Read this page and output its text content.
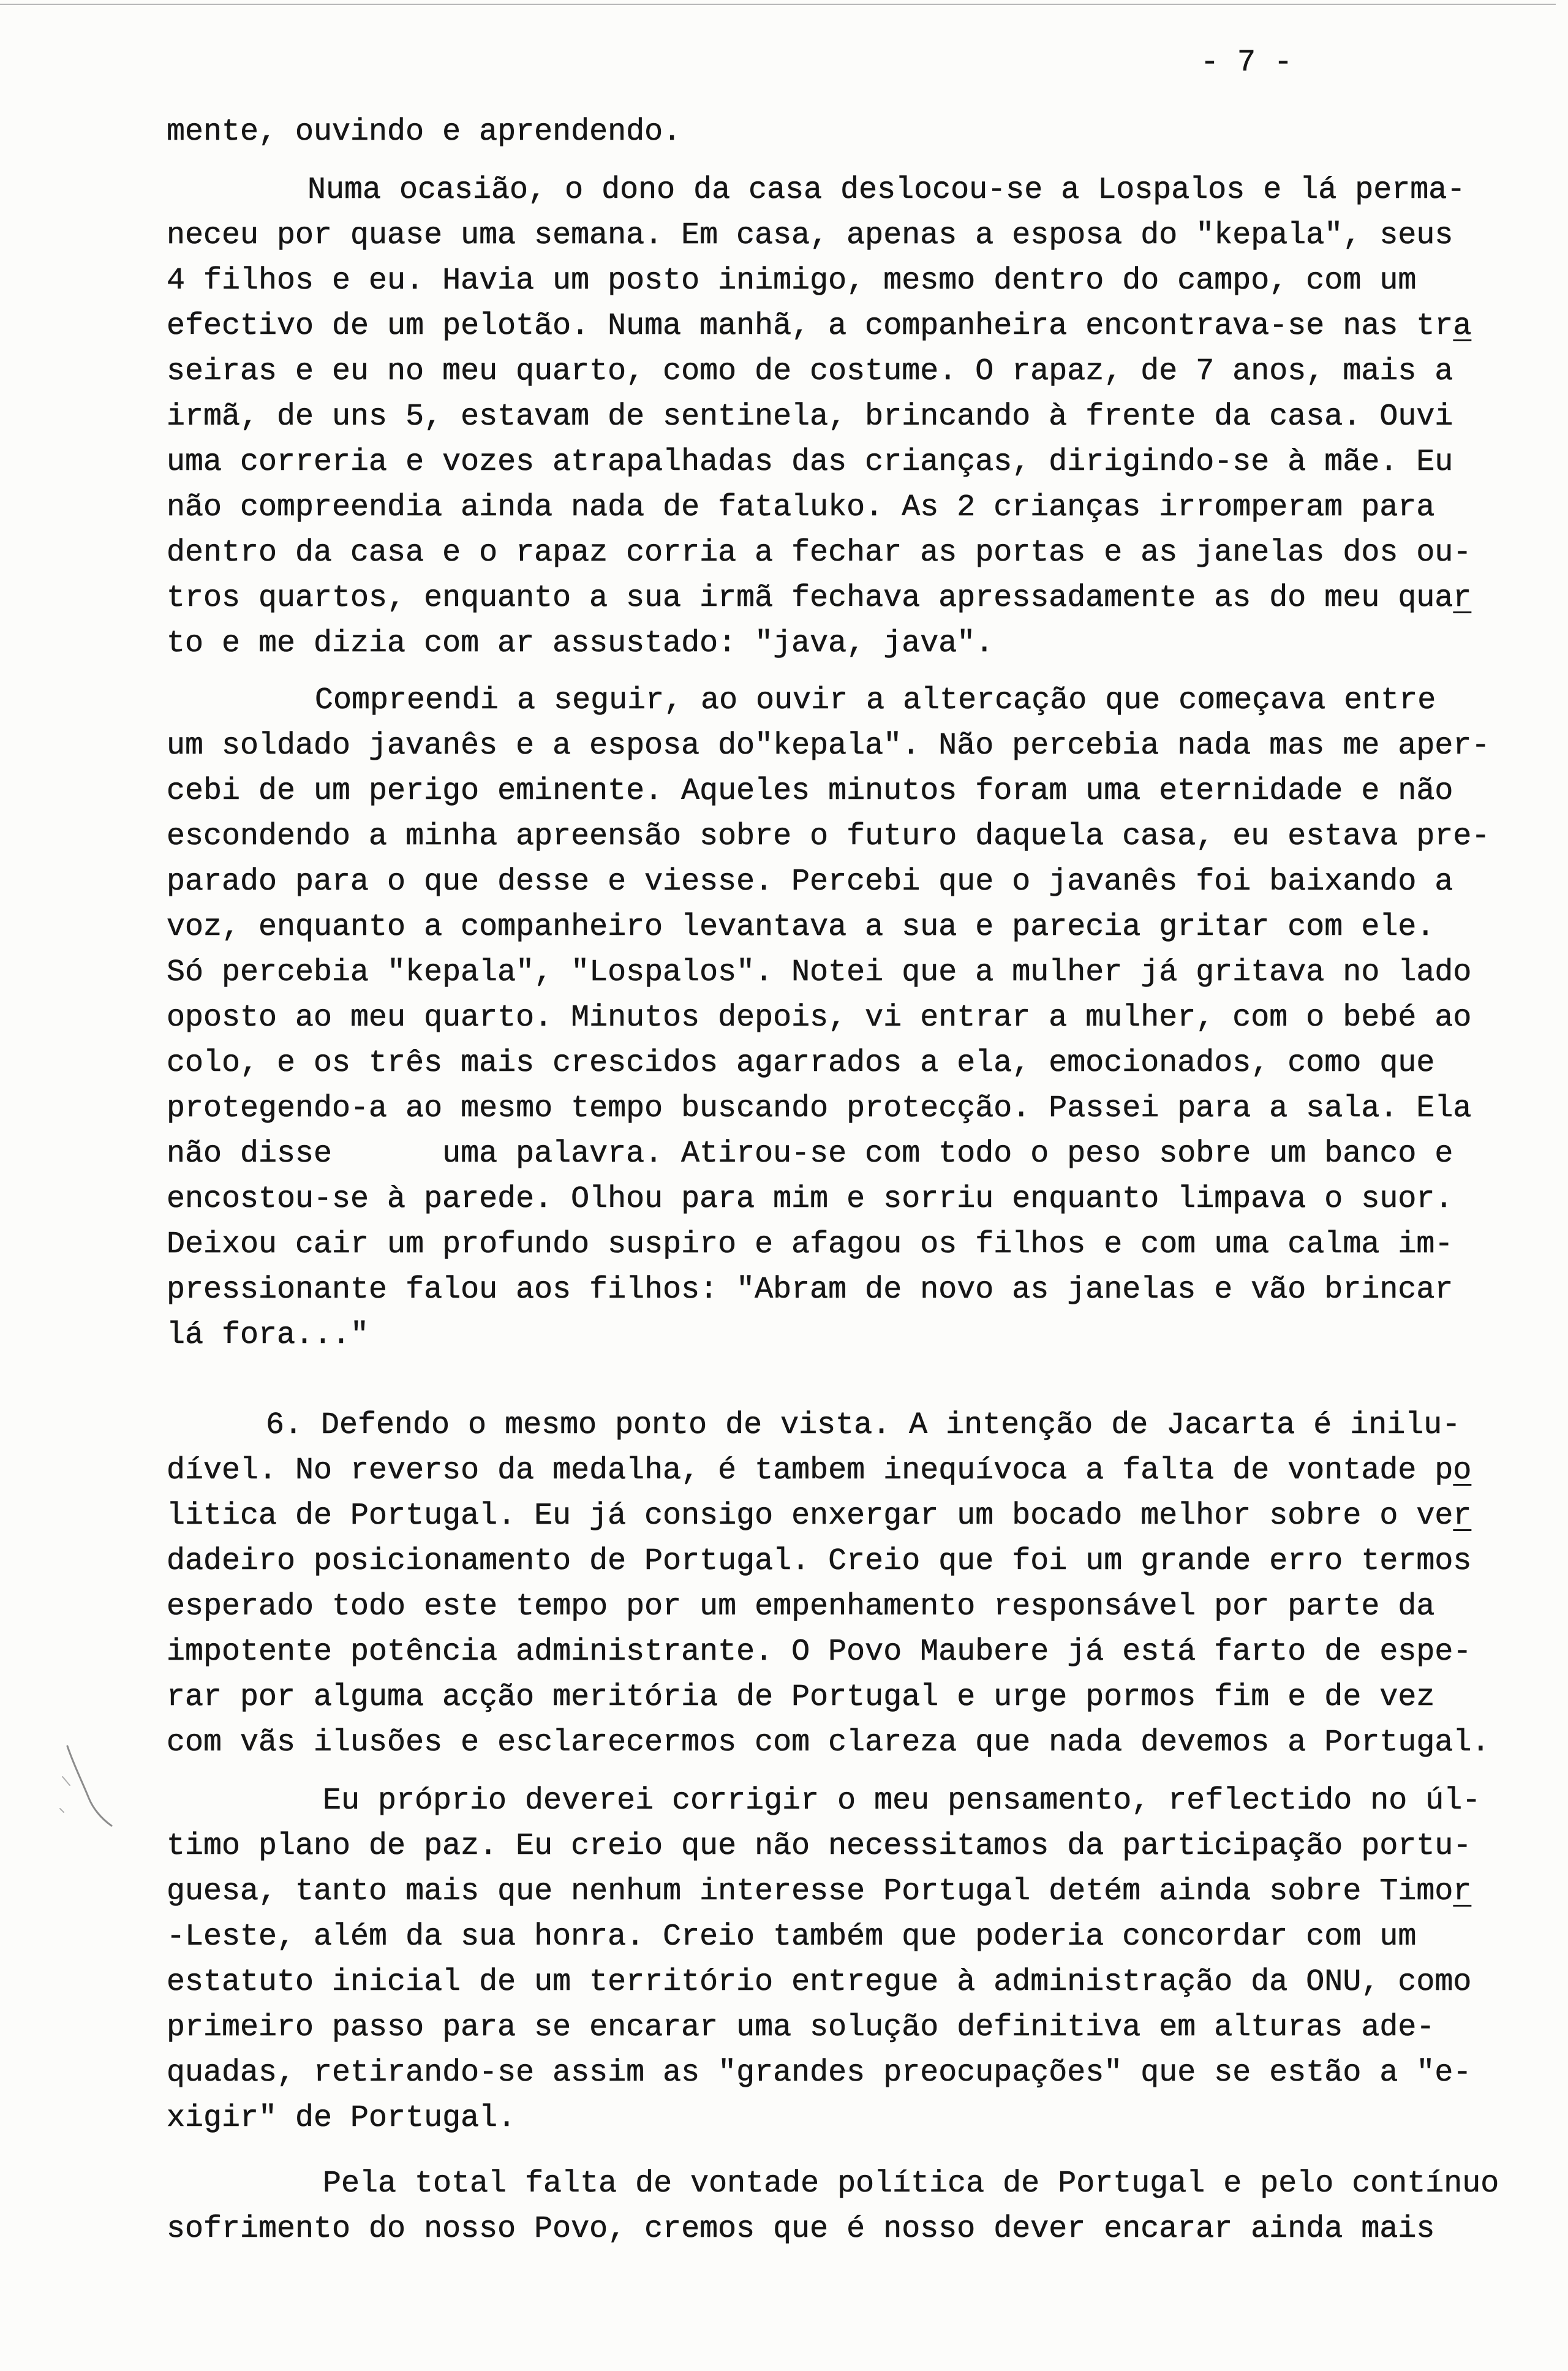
- 7 -
mente, ouvindo e aprendendo.
Numa ocasião, o dono da casa deslocou-se a Lospalos e lá perma-
neceu por quase uma semana. Em casa, apenas a esposa do "kepala", seus
4 filhos e eu. Havia um posto inimigo, mesmo dentro do campo, com um
efectivo de um pelotão. Numa manhã, a companheira encontrava-se nas tra
seiras e eu no meu quarto, como de costume. O rapaz, de 7 anos, mais a
irmã, de uns 5, estavam de sentinela, brincando à frente da casa. Ouvi
uma correria e vozes atrapalhadas das crianças, dirigindo-se à mãe. Eu
não compreendia ainda nada de fataluko. As 2 crianças irromperam para
dentro da casa e o rapaz corria a fechar as portas e as janelas dos ou-
tros quartos, enquanto a sua irmã fechava apressadamente as do meu quar
to e me dizia com ar assustado: "java, java".
Compreendi a seguir, ao ouvir a altercação que começava entre
um soldado javanês e a esposa do"kepala". Não percebia nada mas me aper-
cebi de um perigo eminente. Aqueles minutos foram uma eternidade e não
escondendo a minha apreensão sobre o futuro daquela casa, eu estava pre-
parado para o que desse e viesse. Percebi que o javanês foi baixando a
voz, enquanto a companheiro levantava a sua e parecia gritar com ele.
Só percebia "kepala", "Lospalos". Notei que a mulher já gritava no lado
oposto ao meu quarto. Minutos depois, vi entrar a mulher, com o bebé ao
colo, e os três mais crescidos agarrados a ela, emocionados, como que
protegendo-a ao mesmo tempo buscando protecção. Passei para a sala. Ela
não disse      uma palavra. Atirou-se com todo o peso sobre um banco e
encostou-se à parede. Olhou para mim e sorriu enquanto limpava o suor.
Deixou cair um profundo suspiro e afagou os filhos e com uma calma im-
pressionante falou aos filhos: "Abram de novo as janelas e vão brincar
lá fora..."
6. Defendo o mesmo ponto de vista. A intenção de Jacarta é inilu-
dível. No reverso da medalha, é tambem inequívoca a falta de vontade po
litica de Portugal. Eu já consigo enxergar um bocado melhor sobre o ver
dadeiro posicionamento de Portugal. Creio que foi um grande erro termos
esperado todo este tempo por um empenhamento responsável por parte da
impotente potência administrante. O Povo Maubere já está farto de espe-
rar por alguma acção meritória de Portugal e urge pormos fim e de vez
com vãs ilusões e esclarecermos com clareza que nada devemos a Portugal.
Eu próprio deverei corrigir o meu pensamento, reflectido no úl-
timo plano de paz. Eu creio que não necessitamos da participação portu-
guesa, tanto mais que nenhum interesse Portugal detém ainda sobre Timor
-Leste, além da sua honra. Creio também que poderia concordar com um
estatuto inicial de um território entregue à administração da ONU, como
primeiro passo para se encarar uma solução definitiva em alturas ade-
quadas, retirando-se assim as "grandes preocupações" que se estão a "e-
xigir" de Portugal.
Pela total falta de vontade política de Portugal e pelo contínuo
sofrimento do nosso Povo, cremos que é nosso dever encarar ainda mais
